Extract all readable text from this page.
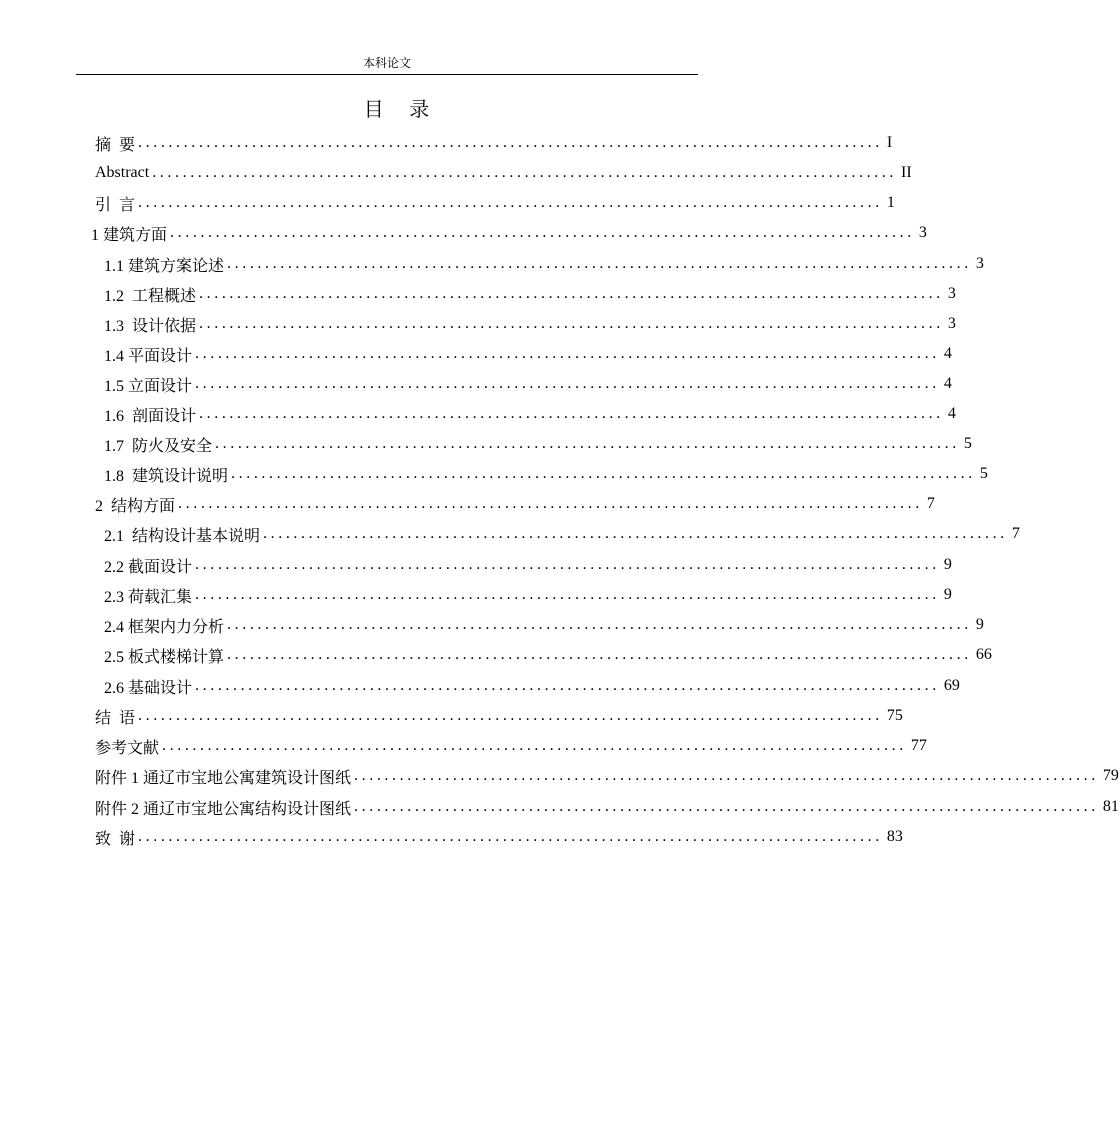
本科论文
目    录
摘  要 .................................................................................................. I
Abstract .................................................................................................. II
引  言 .................................................................................................. 1
1 建筑方面 .................................................................................................. 3
1.1 建筑方案论述 .................................................................................................. 3
1.2  工程概述 .................................................................................................. 3
1.3  设计依据 .................................................................................................. 3
1.4 平面设计 .................................................................................................. 4
1.5 立面设计 .................................................................................................. 4
1.6  剖面设计 .................................................................................................. 4
1.7  防火及安全 .................................................................................................. 5
1.8  建筑设计说明 .................................................................................................. 5
2  结构方面 .................................................................................................. 7
2.1  结构设计基本说明 .................................................................................................. 7
2.2 截面设计 .................................................................................................. 9
2.3 荷载汇集 .................................................................................................. 9
2.4 框架内力分析 .................................................................................................. 9
2.5 板式楼梯计算 .................................................................................................. 66
2.6 基础设计 .................................................................................................. 69
结  语 .................................................................................................. 75
参考文献 .................................................................................................. 77
附件 1 通辽市宝地公寓建筑设计图纸 .................................................................................................. 79
附件 2 通辽市宝地公寓结构设计图纸 .................................................................................................. 81
致  谢 .................................................................................................. 83
